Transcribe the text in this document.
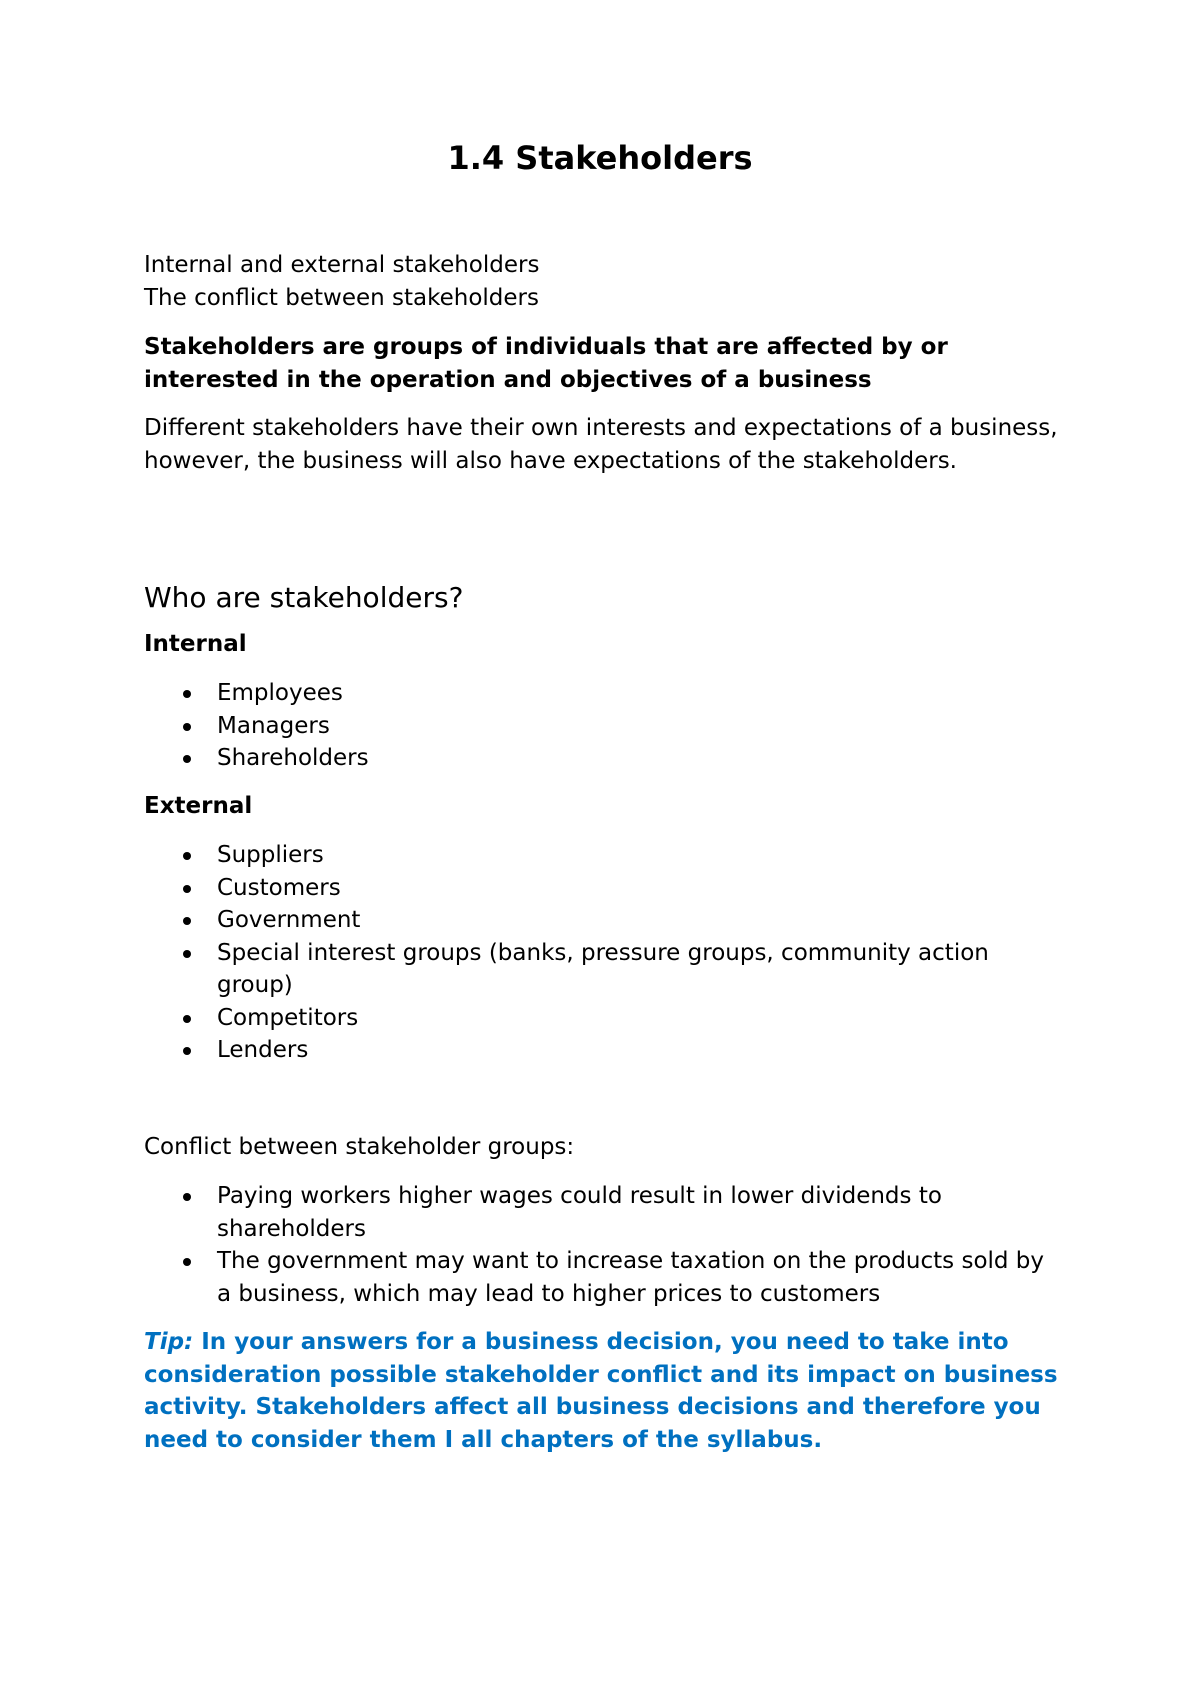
1.4 Stakeholders
Internal and external stakeholders
The conflict between stakeholders

Stakeholders are groups of individuals that are affected by or interested in the operation and objectives of a business

Different stakeholders have their own interests and expectations of a business, however, the business will also have expectations of the stakeholders.

Who are stakeholders?

Internal

Employees
Managers
Shareholders

External

Suppliers
Customers
Government
Special interest groups (banks, pressure groups, community action group)
Competitors
Lenders

Conflict between stakeholder groups:

Paying workers higher wages could result in lower dividends to shareholders
The government may want to increase taxation on the products sold by a business, which may lead to higher prices to customers

Tip: In your answers for a business decision, you need to take into consideration possible stakeholder conflict and its impact on business activity. Stakeholders affect all business decisions and therefore you need to consider them I all chapters of the syllabus.
